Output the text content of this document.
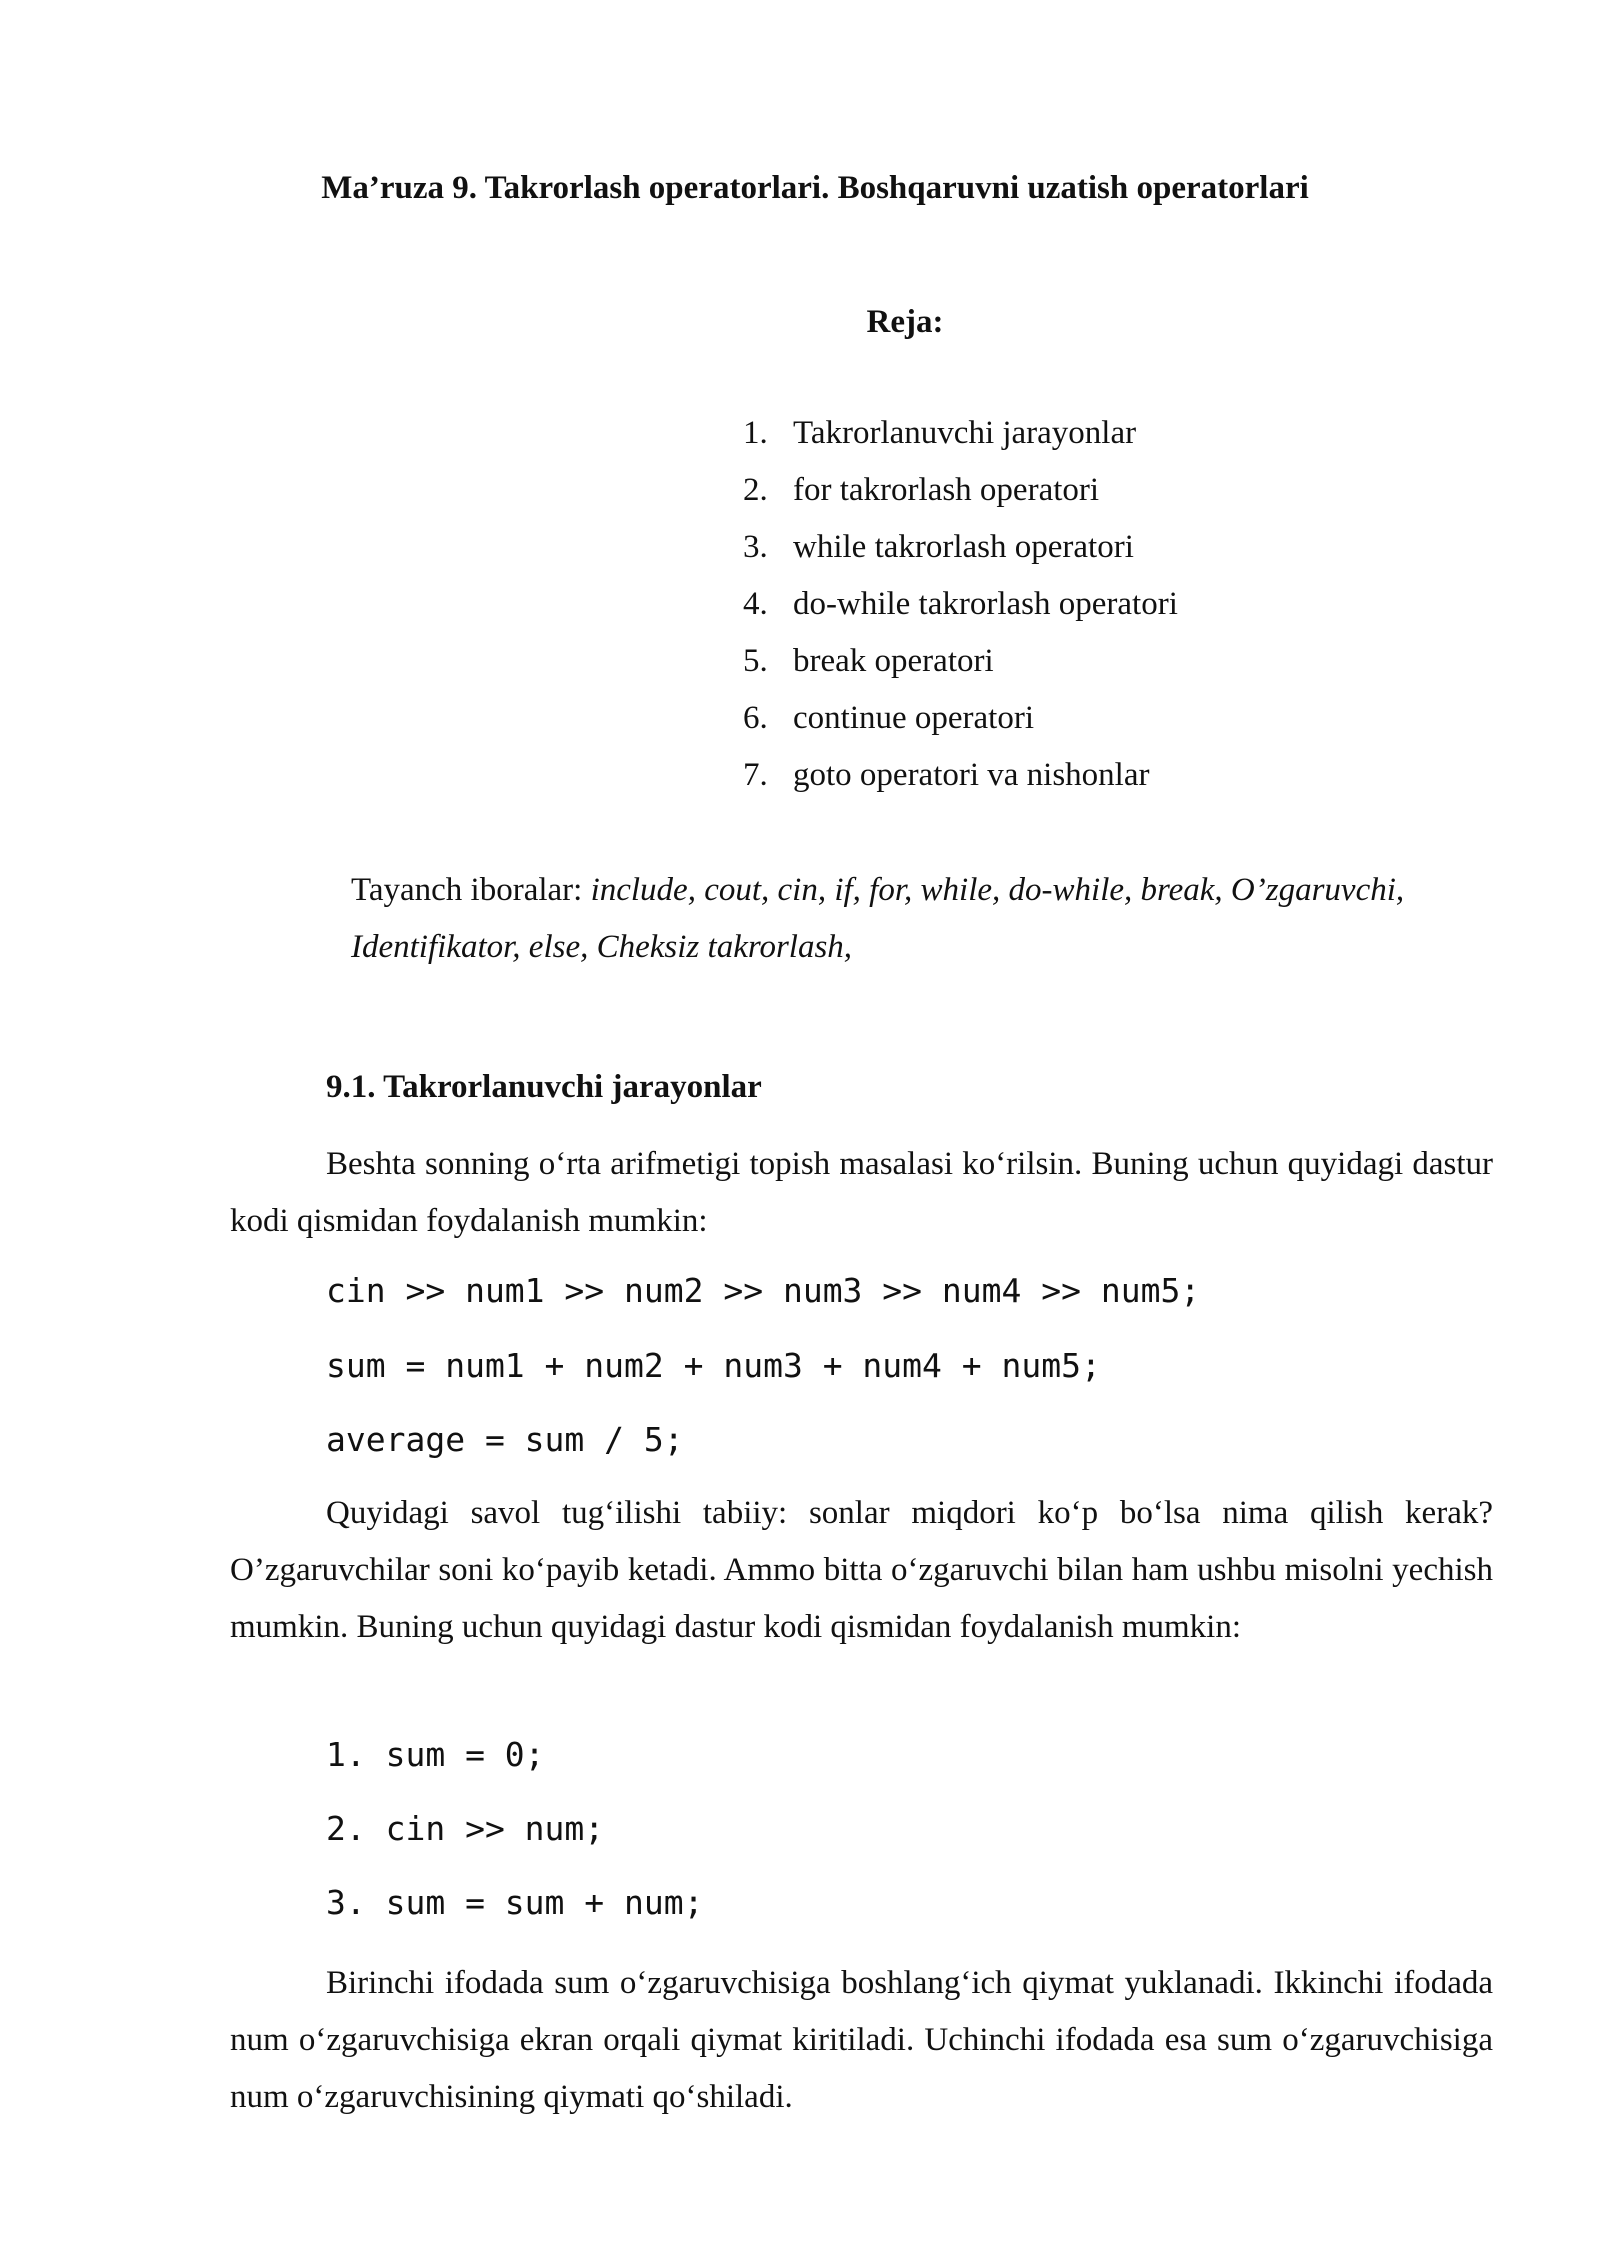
Ma’ruza 9. Takrorlash operatorlari. Boshqaruvni uzatish operatorlari
Reja:
1. Takrorlanuvchi jarayonlar
2. for takrorlash operatori
3. while takrorlash operatori
4. do-while takrorlash operatori
5. break operatori
6. continue operatori
7. goto operatori va nishonlar
Tayanch iboralar: include, cout, cin, if, for, while, do-while, break, O’zgaruvchi, Identifikator, else, Cheksiz takrorlash,
9.1. Takrorlanuvchi jarayonlar

Beshta sonning o‘rta arifmetigi topish masalasi ko‘rilsin. Buning uchun quyidagi dastur kodi qismidan foydalanish mumkin:

cin >> num1 >> num2 >> num3 >> num4 >> num5;
sum = num1 + num2 + num3 + num4 + num5;
average = sum / 5;

Quyidagi savol tug‘ilishi tabiiy: sonlar miqdori ko‘p bo‘lsa nima qilish kerak? O’zgaruvchilar soni ko‘payib ketadi. Ammo bitta o‘zgaruvchi bilan ham ushbu misolni yechish mumkin. Buning uchun quyidagi dastur kodi qismidan foydalanish mumkin:

1. sum = 0;
2. cin >> num;
3. sum = sum + num;

Birinchi ifodada sum o‘zgaruvchisiga boshlang‘ich qiymat yuklanadi. Ikkinchi ifodada num o‘zgaruvchisiga ekran orqali qiymat kiritiladi. Uchinchi ifodada esa sum o‘zgaruvchisiga num o‘zgaruvchisining qiymati qo‘shiladi.
